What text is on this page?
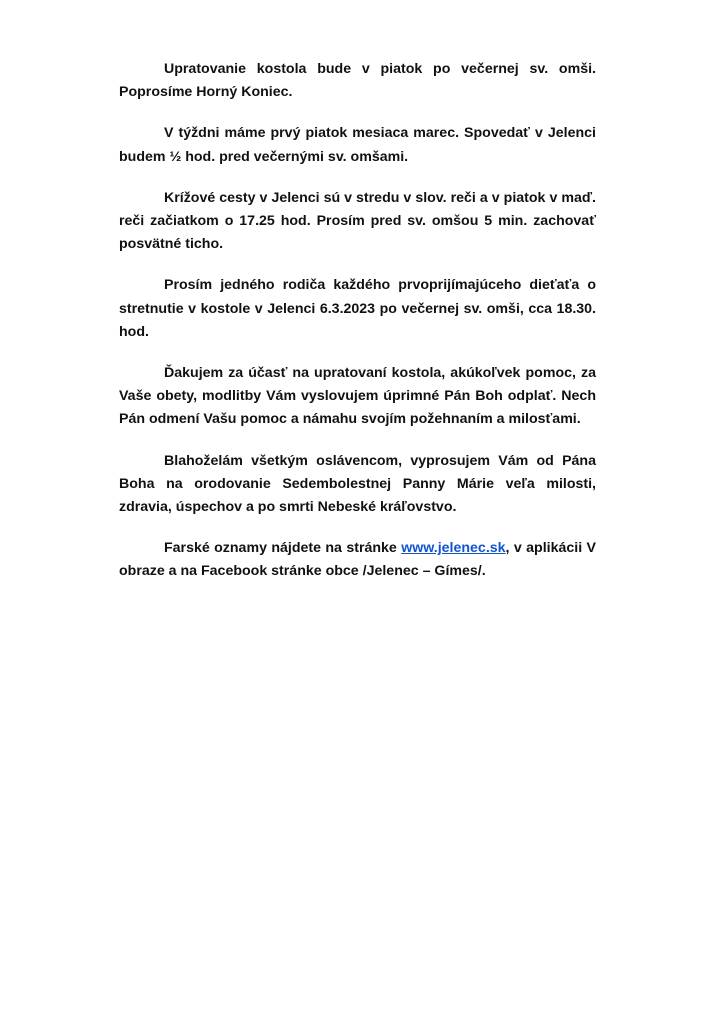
Upratovanie kostola bude v piatok po večernej sv. omši. Poprosíme Horný Koniec.

V týždni máme prvý piatok mesiaca marec. Spovedať v Jelenci budem ½ hod. pred večernými sv. omšami.

Krížové cesty v Jelenci sú v stredu v slov. reči a v piatok v maď. reči začiatkom o 17.25 hod. Prosím pred sv. omšou 5 min. zachovať posvätné ticho.

Prosím jedného rodiča každého prvoprijímajúceho dieťaťa o stretnutie v kostole v Jelenci 6.3.2023 po večernej sv. omši, cca 18.30. hod.

Ďakujem za účasť na upratovaní kostola, akúkoľvek pomoc, za Vaše obety, modlitby Vám vyslovujem úprimné Pán Boh odplať. Nech Pán odmení Vašu pomoc a námahu svojím požehnaním a milosťami.

Blahoželám všetkým oslávencom, vyprosujem Vám od Pána Boha na orodovanie Sedembolestnej Panny Márie veľa milosti, zdravia, úspechov a po smrti Nebeské kráľovstvo.

Farské oznamy nájdete na stránke www.jelenec.sk, v aplikácii V obraze a na Facebook stránke obce /Jelenec – Gímes/.
